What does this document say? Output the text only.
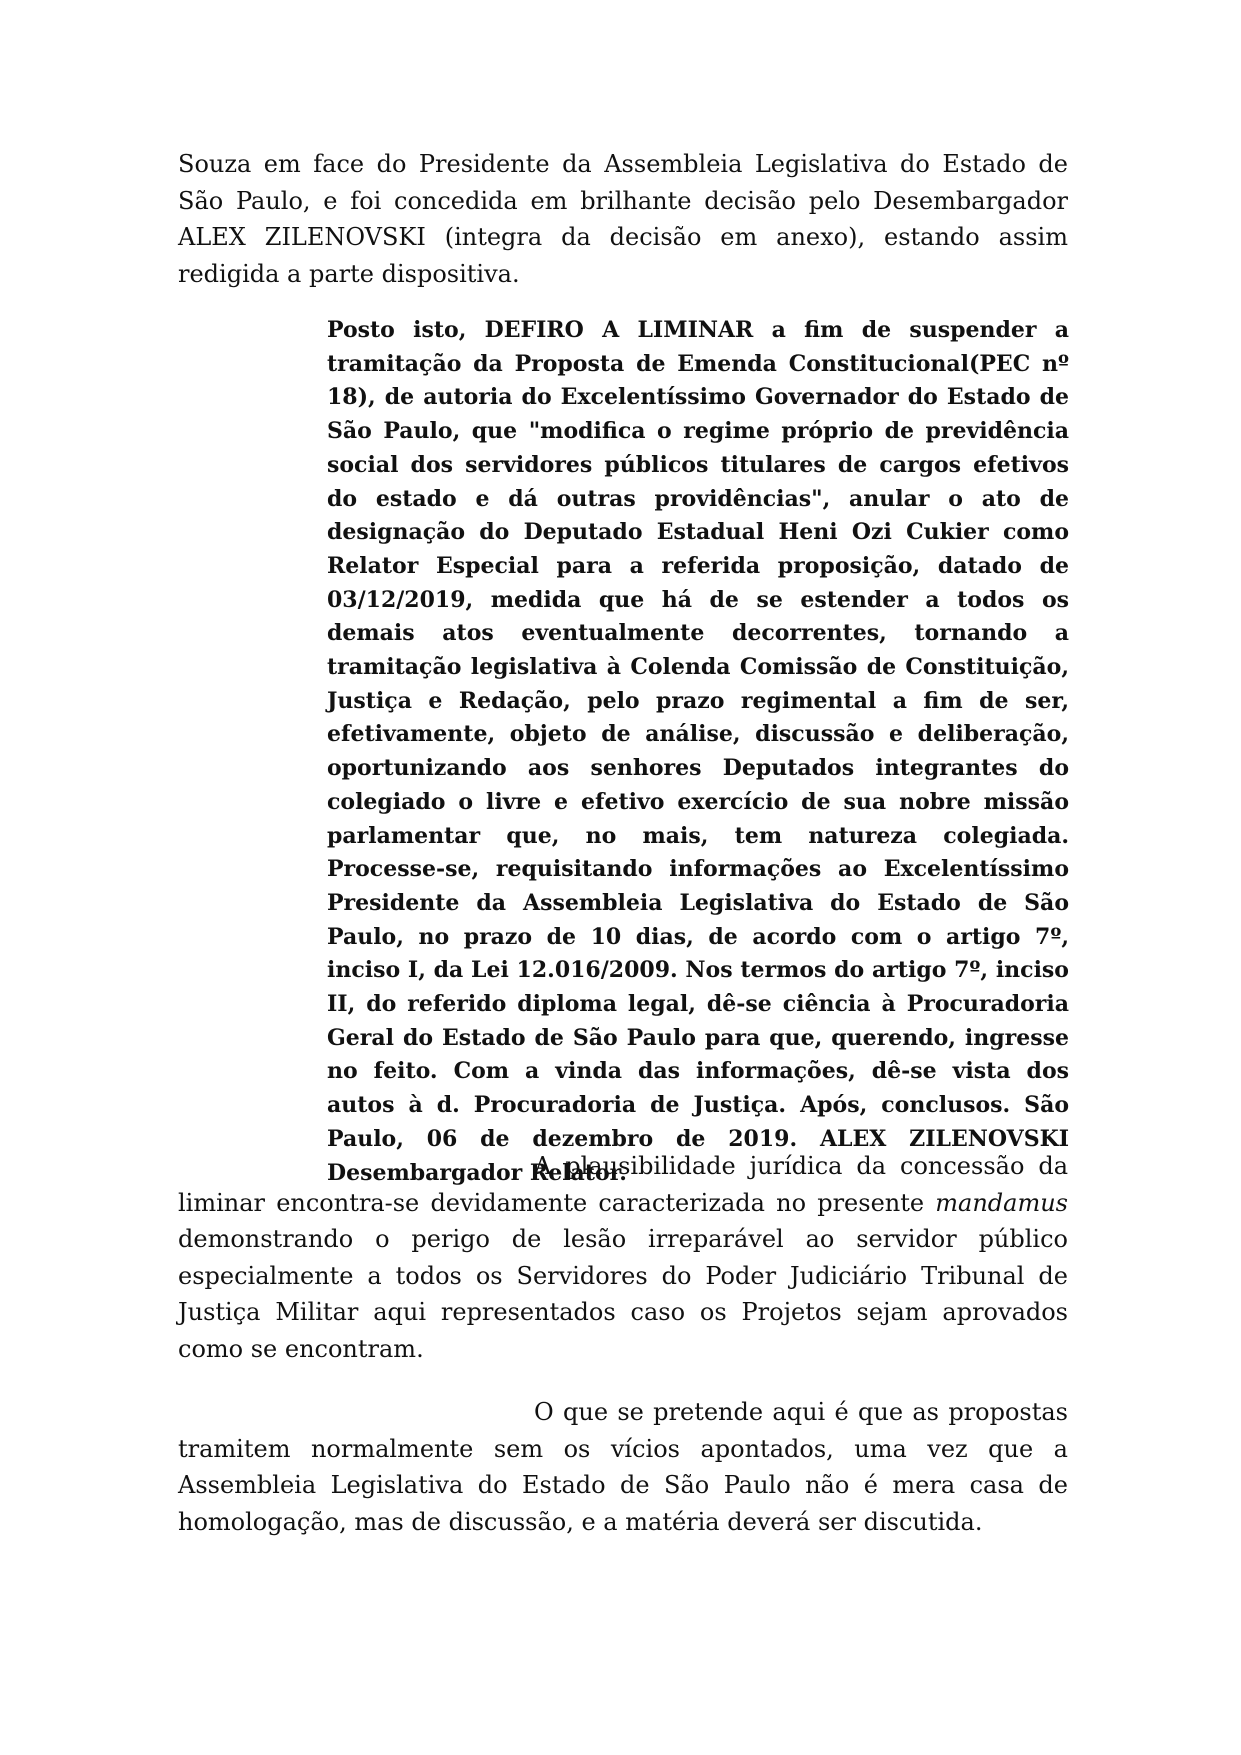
Souza em face do Presidente da Assembleia Legislativa do Estado de São Paulo, e foi concedida em brilhante decisão pelo Desembargador ALEX ZILENOVSKI (integra da decisão em anexo), estando assim redigida a parte dispositiva.

Posto isto, DEFIRO A LIMINAR a fim de suspender a tramitação da Proposta de Emenda Constitucional(PEC nº 18), de autoria do Excelentíssimo Governador do Estado de São Paulo, que "modifica o regime próprio de previdência social dos servidores públicos titulares de cargos efetivos do estado e dá outras providências", anular o ato de designação do Deputado Estadual Heni Ozi Cukier como Relator Especial para a referida proposição, datado de 03/12/2019, medida que há de se estender a todos os demais atos eventualmente decorrentes, tornando a tramitação legislativa à Colenda Comissão de Constituição, Justiça e Redação, pelo prazo regimental a fim de ser, efetivamente, objeto de análise, discussão e deliberação, oportunizando aos senhores Deputados integrantes do colegiado o livre e efetivo exercício de sua nobre missão parlamentar que, no mais, tem natureza colegiada. Processe-se, requisitando informações ao Excelentíssimo Presidente da Assembleia Legislativa do Estado de São Paulo, no prazo de 10 dias, de acordo com o artigo 7º, inciso I, da Lei 12.016/2009. Nos termos do artigo 7º, inciso II, do referido diploma legal, dê-se ciência à Procuradoria Geral do Estado de São Paulo para que, querendo, ingresse no feito. Com a vinda das informações, dê-se vista dos autos à d. Procuradoria de Justiça. Após, conclusos. São Paulo, 06 de dezembro de 2019. ALEX ZILENOVSKI Desembargador Relator.

A plausibilidade jurídica da concessão da liminar encontra-se devidamente caracterizada no presente mandamus demonstrando o perigo de lesão irreparável ao servidor público especialmente a todos os Servidores do Poder Judiciário Tribunal de Justiça Militar aqui representados caso os Projetos sejam aprovados como se encontram.

O que se pretende aqui é que as propostas tramitem normalmente sem os vícios apontados, uma vez que a Assembleia Legislativa do Estado de São Paulo não é mera casa de homologação, mas de discussão, e a matéria deverá ser discutida.
